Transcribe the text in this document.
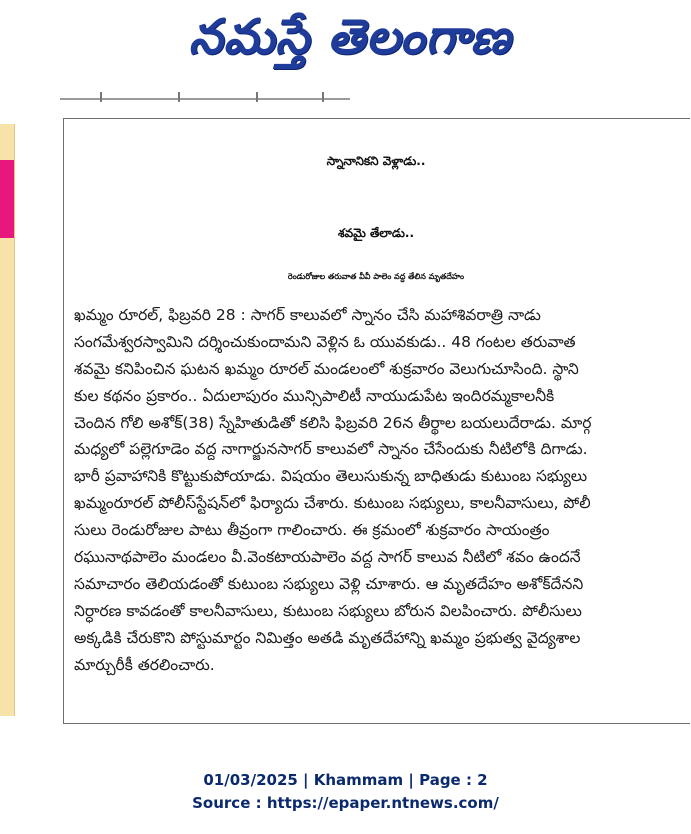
నమస్తే తెలంగాణ
స్నానానికని వెళ్లాడు..
శవమై తేలాడు..
రెండురోజుల తరువాత వీవీ పాలెం వద్ద తేలిన మృతదేహం
ఖమ్మం రూరల్, ఫిబ్రవరి 28 : సాగర్ కాలువలో స్నానం చేసి మహాశివరాత్రి నాడు
సంగమేశ్వరస్వామిని దర్శించుకుందామని వెళ్లిన ఓ యువకుడు.. 48 గంటల తరువాత
శవమై కనిపించిన ఘటన ఖమ్మం రూరల్ మండలంలో శుక్రవారం వెలుగుచూసింది. స్థాని
కుల కథనం ప్రకారం.. ఏదులాపురం మున్సిపాలిటీ నాయుడుపేట ఇందిరమ్మకాలనీకి
చెందిన గోలి అశోక్(38) స్నేహితుడితో కలిసి ఫిబ్రవరి 26న తీర్థాల బయలుదేరాడు. మార్గ
మధ్యలో పల్లెగూడెం వద్ద నాగార్జునసాగర్ కాలువలో స్నానం చేసేందుకు నీటిలోకి దిగాడు.
భారీ ప్రవాహానికి కొట్టుకుపోయాడు. విషయం తెలుసుకున్న బాధితుడు కుటుంబ సభ్యులు
ఖమ్మంరూరల్ పోలీస్‌స్టేషన్‌లో ఫిర్యాదు చేశారు. కుటుంబ సభ్యులు, కాలనీవాసులు, పోలీ
సులు రెండురోజుల పాటు తీవ్రంగా గాలించారు. ఈ క్రమంలో శుక్రవారం సాయంత్రం
రఘునాథపాలెం మండలం వీ.వెంకటాయపాలెం వద్ద సాగర్ కాలువ నీటిలో శవం ఉందనే
సమాచారం తెలియడంతో కుటుంబ సభ్యులు వెళ్లి చూశారు. ఆ మృతదేహం అశోక్‌దేనని
నిర్ధారణ కావడంతో కాలనీవాసులు, కుటుంబ సభ్యులు బోరున విలపించారు. పోలీసులు
అక్కడికి చేరుకొని పోస్టుమార్టం నిమిత్తం అతడి మృతదేహాన్ని ఖమ్మం ప్రభుత్వ వైద్యశాల
మార్చురీకీ తరలించారు.
01/03/2025 | Khammam | Page : 2
Source : https://epaper.ntnews.com/
